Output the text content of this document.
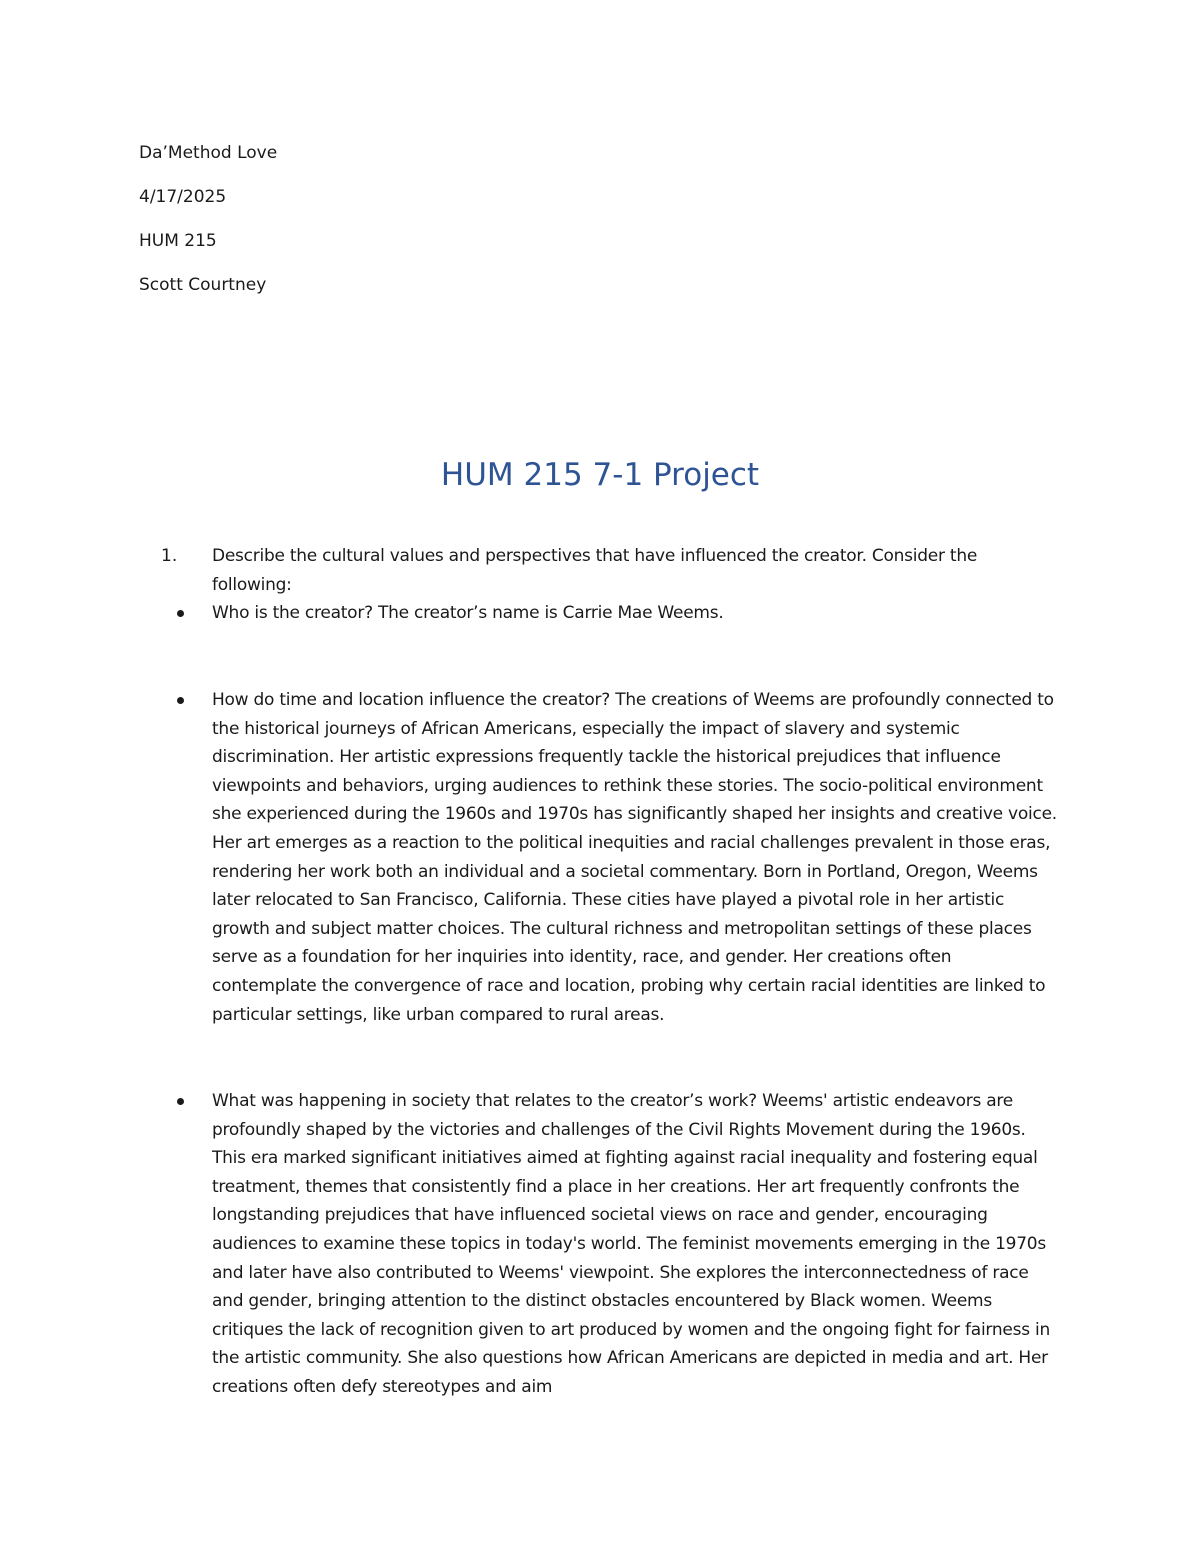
Da’Method Love
4/17/2025
HUM 215
Scott Courtney
HUM 215 7-1 Project
1.	Describe the cultural values and perspectives that have influenced the creator. Consider the following:
Who is the creator? The creator’s name is Carrie Mae Weems.
How do time and location influence the creator? The creations of Weems are profoundly connected to the historical journeys of African Americans, especially the impact of slavery and systemic discrimination. Her artistic expressions frequently tackle the historical prejudices that influence viewpoints and behaviors, urging audiences to rethink these stories. The socio-political environment she experienced during the 1960s and 1970s has significantly shaped her insights and creative voice. Her art emerges as a reaction to the political inequities and racial challenges prevalent in those eras, rendering her work both an individual and a societal commentary. Born in Portland, Oregon, Weems later relocated to San Francisco, California. These cities have played a pivotal role in her artistic growth and subject matter choices. The cultural richness and metropolitan settings of these places serve as a foundation for her inquiries into identity, race, and gender. Her creations often contemplate the convergence of race and location, probing why certain racial identities are linked to particular settings, like urban compared to rural areas.
What was happening in society that relates to the creator’s work? Weems' artistic endeavors are profoundly shaped by the victories and challenges of the Civil Rights Movement during the 1960s. This era marked significant initiatives aimed at fighting against racial inequality and fostering equal treatment, themes that consistently find a place in her creations. Her art frequently confronts the longstanding prejudices that have influenced societal views on race and gender, encouraging audiences to examine these topics in today's world. The feminist movements emerging in the 1970s and later have also contributed to Weems' viewpoint. She explores the interconnectedness of race and gender, bringing attention to the distinct obstacles encountered by Black women. Weems critiques the lack of recognition given to art produced by women and the ongoing fight for fairness in the artistic community. She also questions how African Americans are depicted in media and art. Her creations often defy stereotypes and aim
